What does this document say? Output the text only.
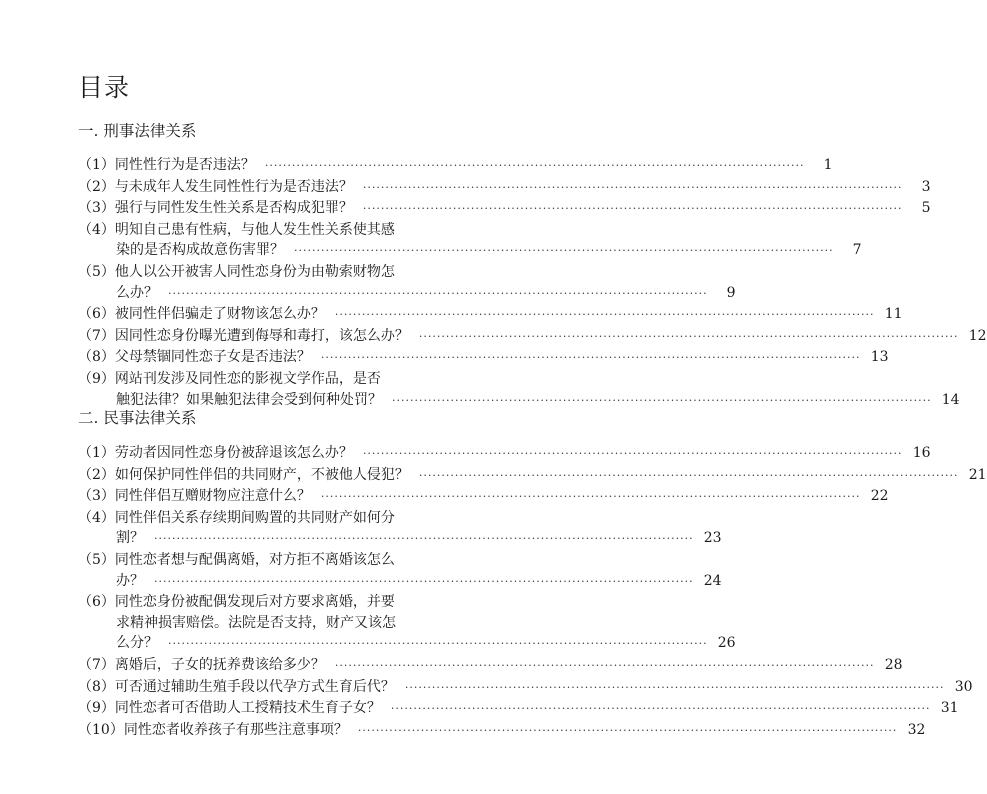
目录
一. 刑事法律关系
（1） 同性性行为是否违法？ ························································································································	1
（2） 与未成年人发生同性性行为是否违法？ ························································································································	3
（3） 强行与同性发生性关系是否构成犯罪？ ························································································································	5
（4） 明知自己患有性病，与他人发生性关系使其感
染的是否构成故意伤害罪？ ························································································································	7
（5） 他人以公开被害人同性恋身份为由勒索财物怎
么办？ ························································································································	9
（6） 被同性伴侣骗走了财物该怎么办？ ························································································································ 11
（7） 因同性恋身份曝光遭到侮辱和毒打，该怎么办？ ························································································································ 12
（8） 父母禁锢同性恋子女是否违法？ ························································································································ 13
（9） 网站刊发涉及同性恋的影视文学作品，是否
触犯法律？如果触犯法律会受到何种处罚？ ························································································································ 14
二. 民事法律关系
（1） 劳动者因同性恋身份被辞退该怎么办？ ························································································································ 16
（2） 如何保护同性伴侣的共同财产，不被他人侵犯？ ························································································································ 21
（3） 同性伴侣互赠财物应注意什么？ ························································································································ 22
（4） 同性伴侣关系存续期间购置的共同财产如何分
割？ ························································································································ 23
（5） 同性恋者想与配偶离婚，对方拒不离婚该怎么
办？ ························································································································ 24
（6） 同性恋身份被配偶发现后对方要求离婚，并要
求精神损害赔偿。法院是否支持，财产又该怎
么分？ ························································································································ 26
（7） 离婚后，子女的抚养费该给多少？ ························································································································ 28
（8） 可否通过辅助生殖手段以代孕方式生育后代？ ························································································································ 30
（9） 同性恋者可否借助人工授精技术生育子女？ ························································································································ 31
（10） 同性恋者收养孩子有那些注意事项？ ························································································································ 32
